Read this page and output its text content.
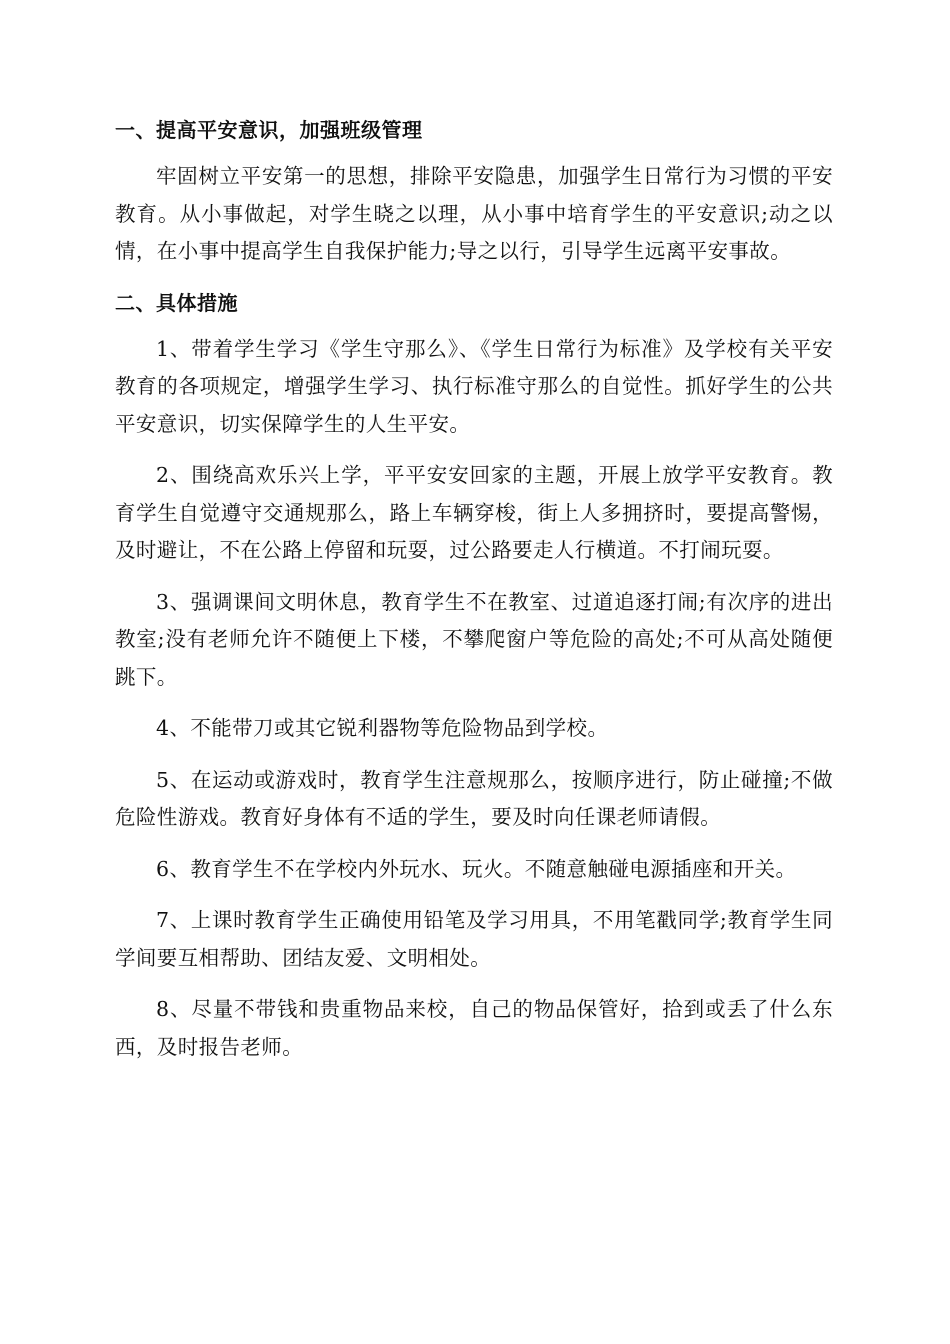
一、提高平安意识，加强班级管理

牢固树立平安第一的思想，排除平安隐患，加强学生日常行为习惯的平安教育。从小事做起，对学生晓之以理，从小事中培育学生的平安意识;动之以情，在小事中提高学生自我保护能力;导之以行，引导学生远离平安事故。

二、具体措施

1、带着学生学习《学生守那么》、《学生日常行为标准》及学校有关平安教育的各项规定，增强学生学习、执行标准守那么的自觉性。抓好学生的公共平安意识，切实保障学生的人生平安。

2、围绕高欢乐兴上学，平平安安回家的主题，开展上放学平安教育。教育学生自觉遵守交通规那么，路上车辆穿梭，街上人多拥挤时，要提高警惕，及时避让，不在公路上停留和玩耍，过公路要走人行横道。不打闹玩耍。

3、强调课间文明休息，教育学生不在教室、过道追逐打闹;有次序的进出教室;没有老师允许不随便上下楼，不攀爬窗户等危险的高处;不可从高处随便跳下。

4、不能带刀或其它锐利器物等危险物品到学校。

5、在运动或游戏时，教育学生注意规那么，按顺序进行，防止碰撞;不做危险性游戏。教育好身体有不适的学生，要及时向任课老师请假。

6、教育学生不在学校内外玩水、玩火。不随意触碰电源插座和开关。

7、上课时教育学生正确使用铅笔及学习用具，不用笔戳同学;教育学生同学间要互相帮助、团结友爱、文明相处。

8、尽量不带钱和贵重物品来校，自己的物品保管好，拾到或丢了什么东西，及时报告老师。
